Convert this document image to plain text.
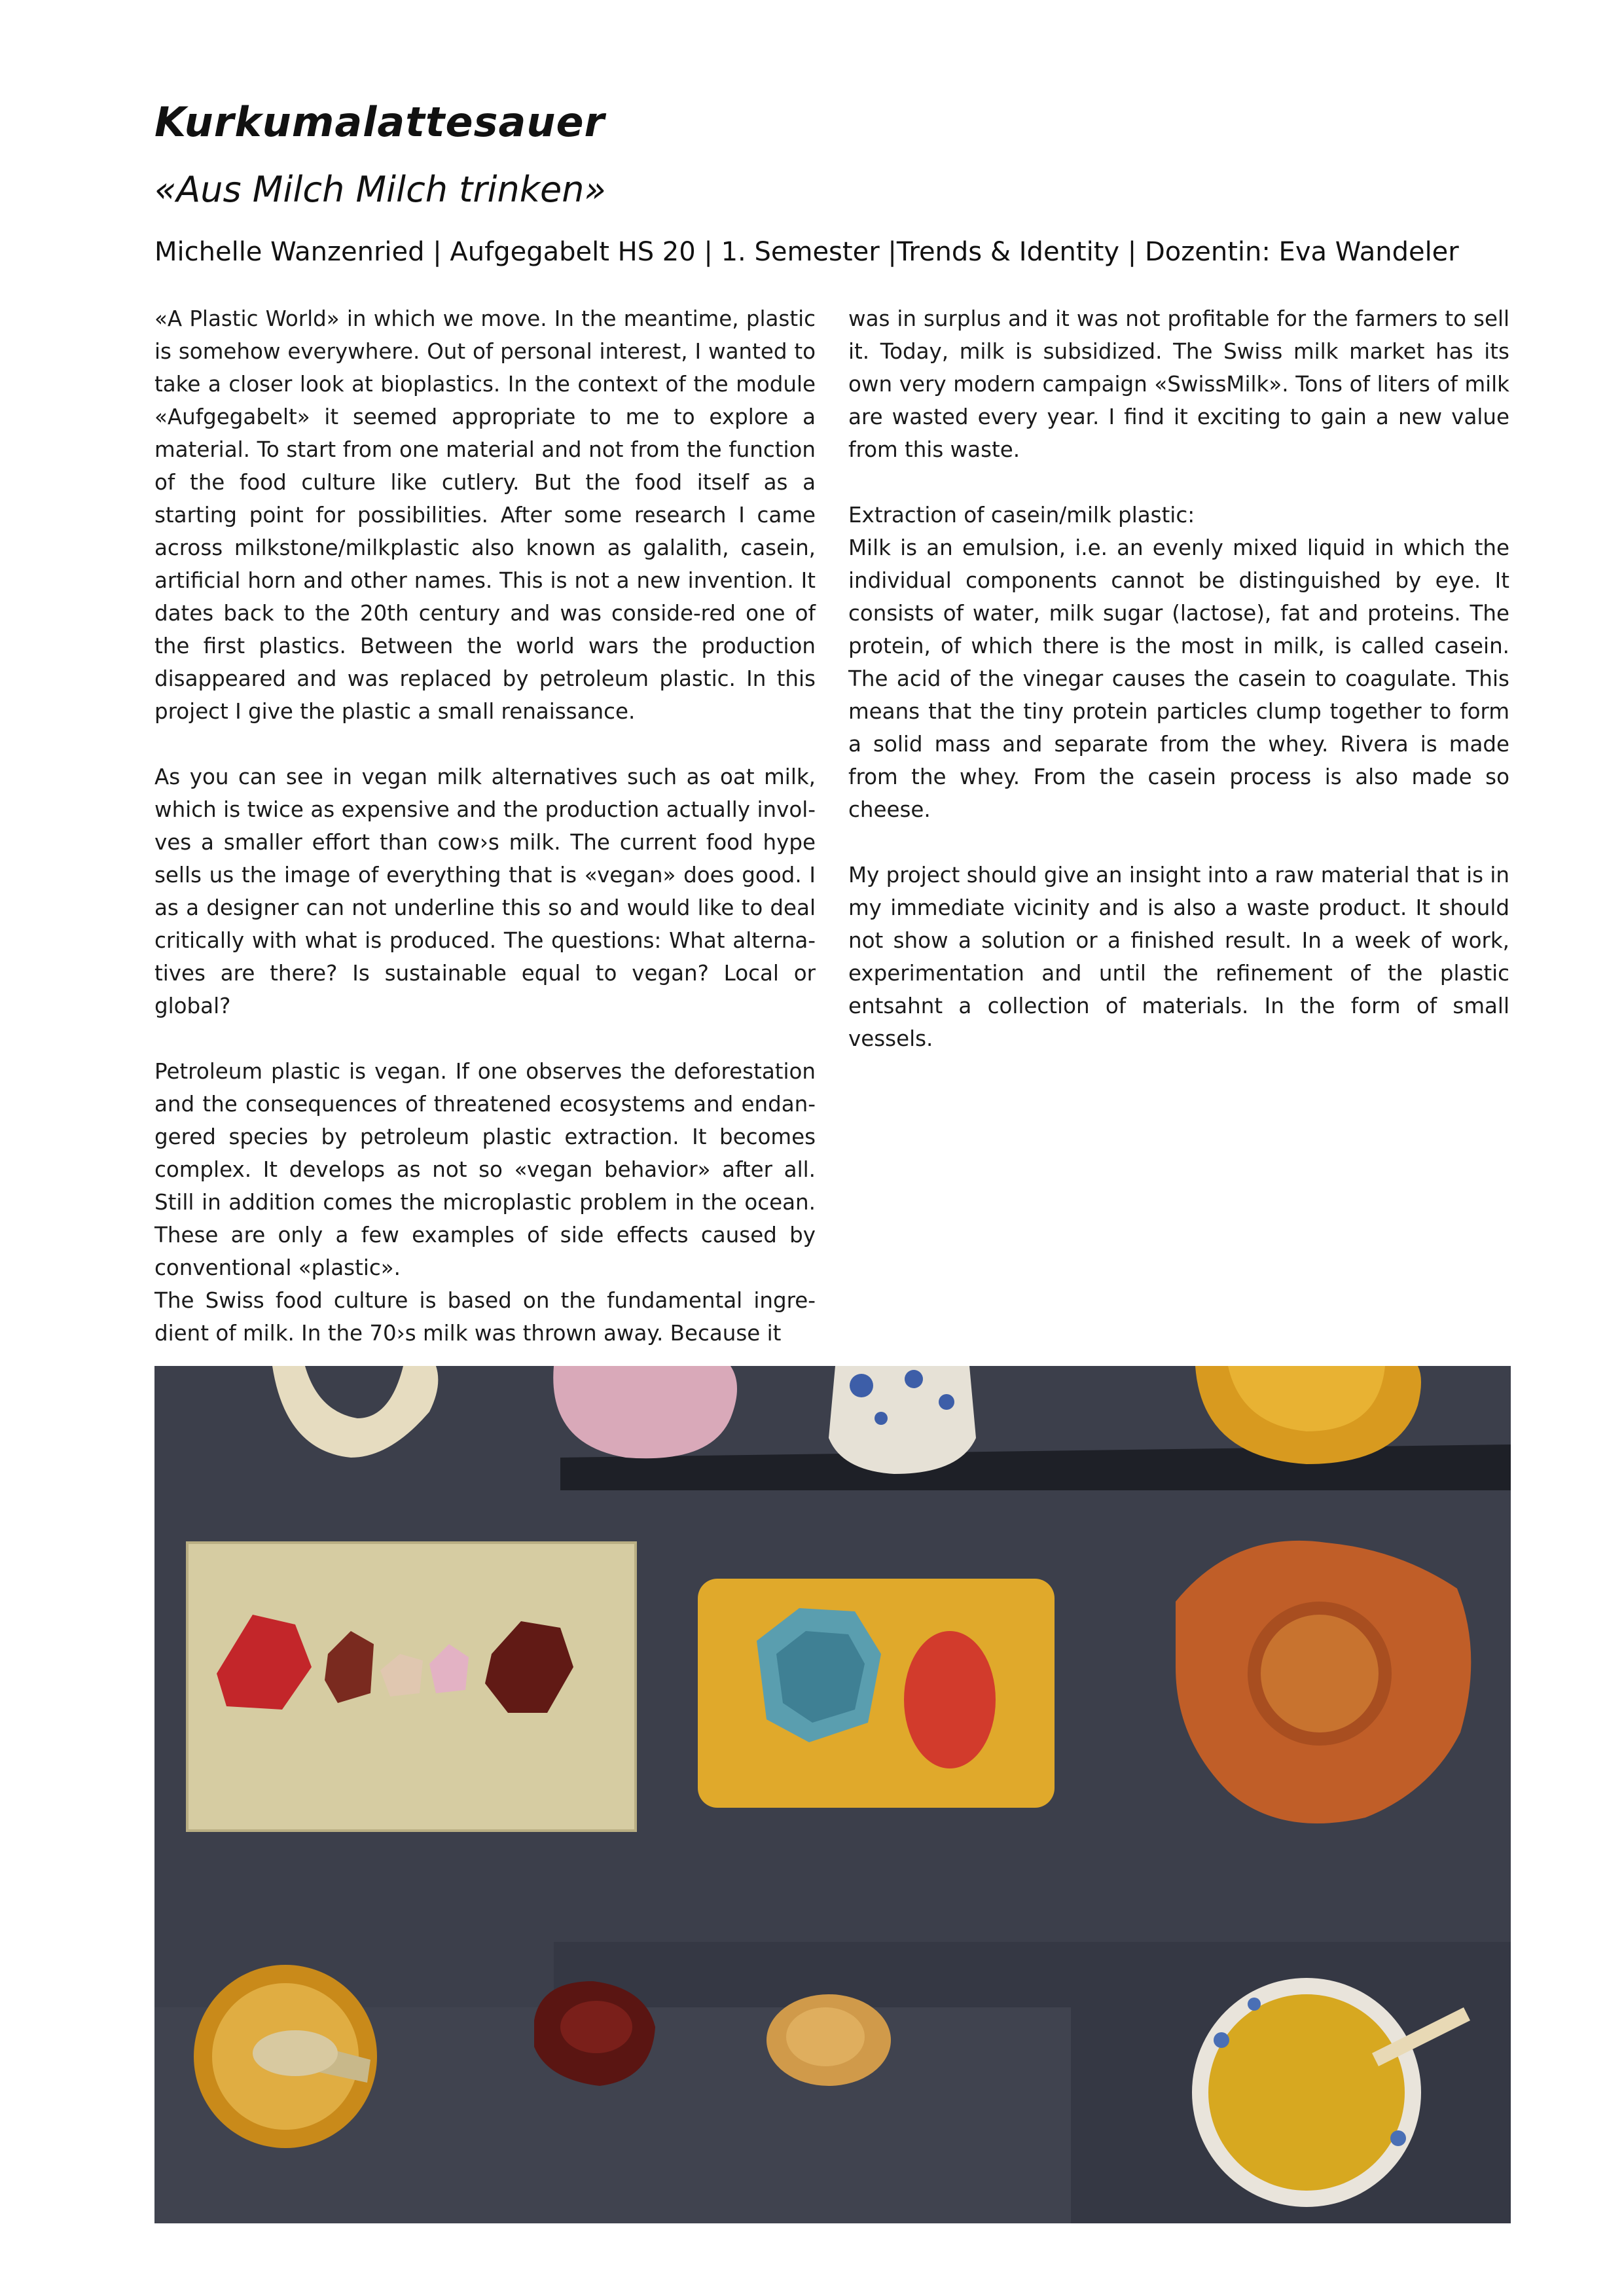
Kurkumalattesauer
«Aus Milch Milch trinken»

Michelle Wanzenried | Aufgegabelt HS 20 | 1. Semester |Trends & Identity | Dozentin: Eva Wandeler

«A Plastic World» in which we move. In the meantime, plastic is somehow everywhere. Out of personal interest, I wanted to take a closer look at bioplastics. In the context of the module «Aufgegabelt» it seemed appropriate to me to explore a material. To start from one material and not from the function of the food culture like cutlery. But the food itself as a starting point for possibilities. After some research I came across milkstone/milkplastic also known as galalith, casein, artificial horn and other names. This is not a new invention. It dates back to the 20th century and was conside-red one of the first plastics. Between the world wars the production disappeared and was replaced by petroleum plastic. In this project I give the plastic a small renaissance.

As you can see in vegan milk alternatives such as oat milk, which is twice as expensive and the production actually invol-ves a smaller effort than cow›s milk. The current food hype sells us the image of everything that is «vegan» does good. I as a designer can not underline this so and would like to deal critically with what is produced. The questions: What alterna-tives are there? Is sustainable equal to vegan? Local or global?

Petroleum plastic is vegan. If one observes the deforestation and the consequences of threatened ecosystems and endan-gered species by petroleum plastic extraction. It becomes complex. It develops as not so «vegan behavior» after all. Still in addition comes the microplastic problem in the ocean. These are only a few examples of side effects caused by conventional «plastic».

The Swiss food culture is based on the fundamental ingre-dient of milk. In the 70›s milk was thrown away. Because it

was in surplus and it was not profitable for the farmers to sell it. Today, milk is subsidized. The Swiss milk market has its own very modern campaign «SwissMilk». Tons of liters of milk are wasted every year. I find it exciting to gain a new value from this waste.

Extraction of casein/milk plastic:

Milk is an emulsion, i.e. an evenly mixed liquid in which the individual components cannot be distinguished by eye. It consists of water, milk sugar (lactose), fat and proteins. The protein, of which there is the most in milk, is called casein. The acid of the vinegar causes the casein to coagulate. This means that the tiny protein particles clump together to form a solid mass and separate from the whey. Rivera is made from the whey. From the casein process is also made so cheese.

My project should give an insight into a raw material that is in my immediate vicinity and is also a waste product. It should not show a solution or a finished result. In a week of work, experimentation and until the refinement of the plastic entsahnt a collection of materials. In the form of small vessels.
